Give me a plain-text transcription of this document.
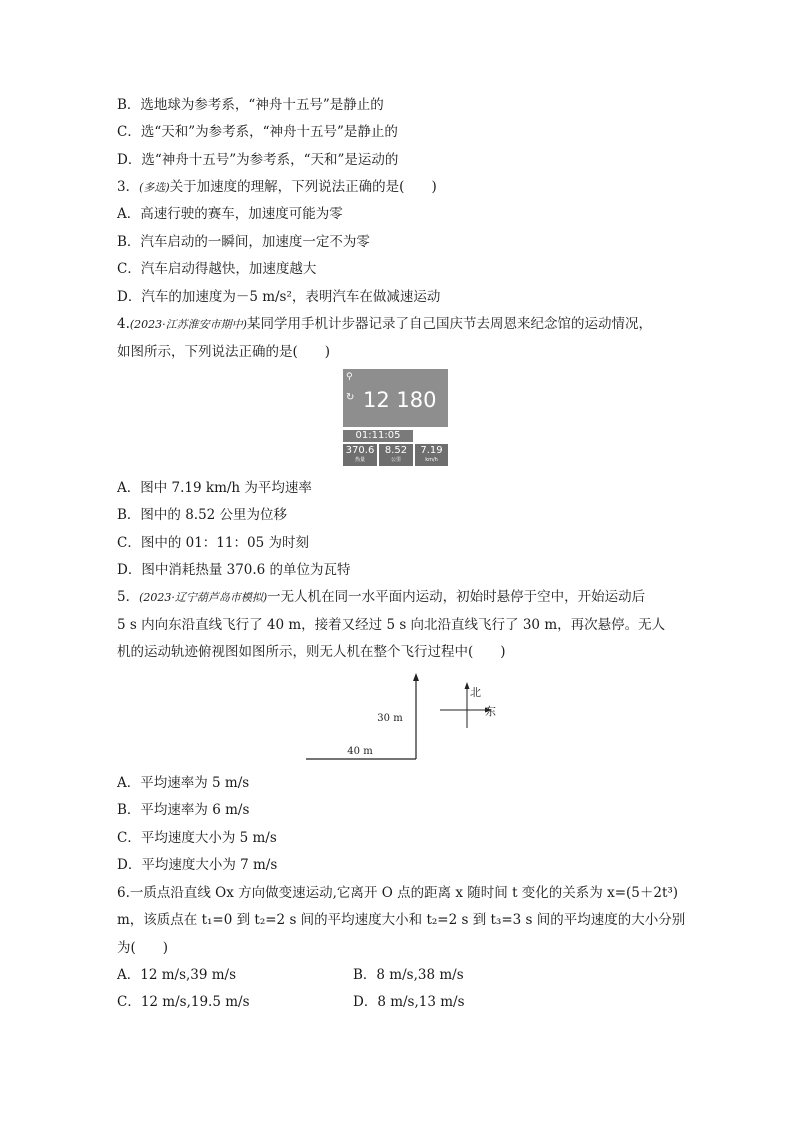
B．选地球为参考系，“神舟十五号”是静止的
C．选“天和”为参考系，“神舟十五号”是静止的
D．选“神舟十五号”为参考系，“天和”是运动的
3．(多选)关于加速度的理解，下列说法正确的是(　　)
A．高速行驶的赛车，加速度可能为零
B．汽车启动的一瞬间，加速度一定不为零
C．汽车启动得越快，加速度越大
D．汽车的加速度为－5 m/s²，表明汽车在做减速运动
4.(2023·江苏淮安市期中)某同学用手机计步器记录了自己国庆节去周恩来纪念馆的运动情况，
如图所示，下列说法正确的是(　　)
⚲
↻ 12 180
01:11:05
370.6
热量
8.52
公里
7.19
km/h
A．图中 7.19 km/h 为平均速率
B．图中的 8.52 公里为位移
C．图中的 01：11：05 为时刻
D．图中消耗热量 370.6 的单位为瓦特
5．(2023·辽宁葫芦岛市模拟)一无人机在同一水平面内运动，初始时悬停于空中，开始运动后
5 s 内向东沿直线飞行了 40 m，接着又经过 5 s 向北沿直线飞行了 30 m，再次悬停。无人
机的运动轨迹俯视图如图所示，则无人机在整个飞行过程中(　　)
30 m
40 m
北
东
A．平均速率为 5 m/s
B．平均速率为 6 m/s
C．平均速度大小为 5 m/s
D．平均速度大小为 7 m/s
6.一质点沿直线 Ox 方向做变速运动,它离开 O 点的距离 x 随时间 t 变化的关系为 x=(5＋2t³)
m，该质点在 t₁=0 到 t₂=2 s 间的平均速度大小和 t₂=2 s 到 t₃=3 s 间的平均速度的大小分别
为(　　)
A．12 m/s,39 m/s	B．8 m/s,38 m/s
C．12 m/s,19.5 m/s	D．8 m/s,13 m/s
